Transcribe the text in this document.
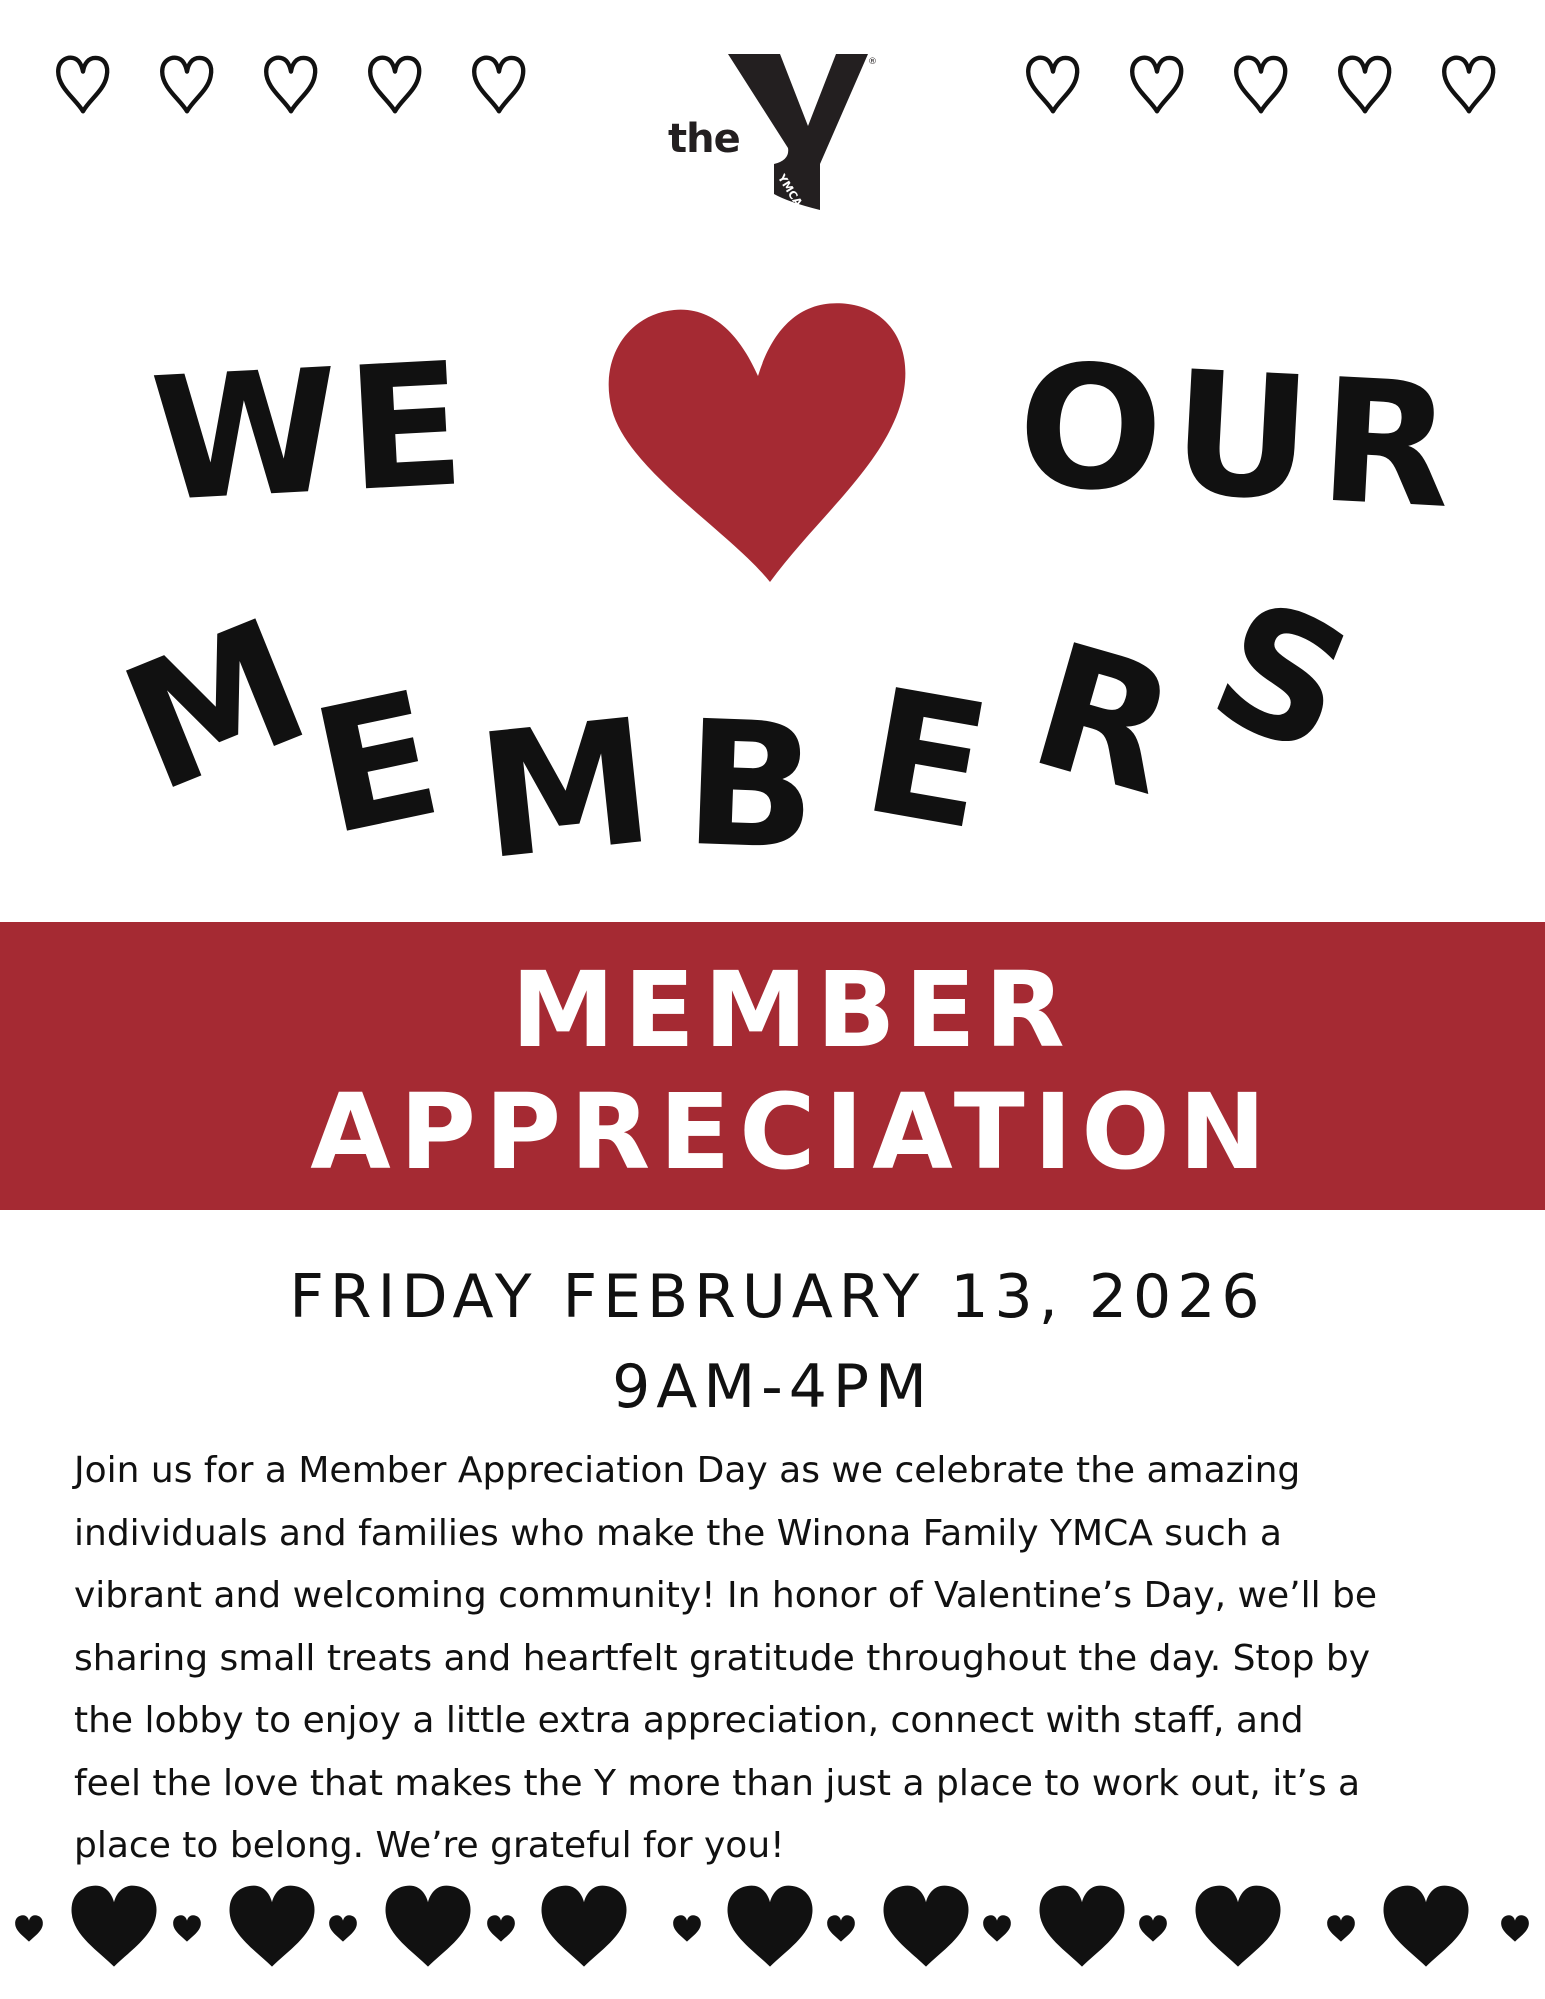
the
®
YMCA
WE	OUR
M
E M B E R
S
MEMBER
APPRECIATION
FRIDAY FEBRUARY 13, 2026
9AM-4PM
Join us for a Member Appreciation Day as we celebrate the amazing
individuals and families who make the Winona Family YMCA such a
vibrant and welcoming community! In honor of Valentine’s Day, we’ll be
sharing small treats and heartfelt gratitude throughout the day. Stop by
the lobby to enjoy a little extra appreciation, connect with staff, and
feel the love that makes the Y more than just a place to work out, it’s a
place to belong. We’re grateful for you!
